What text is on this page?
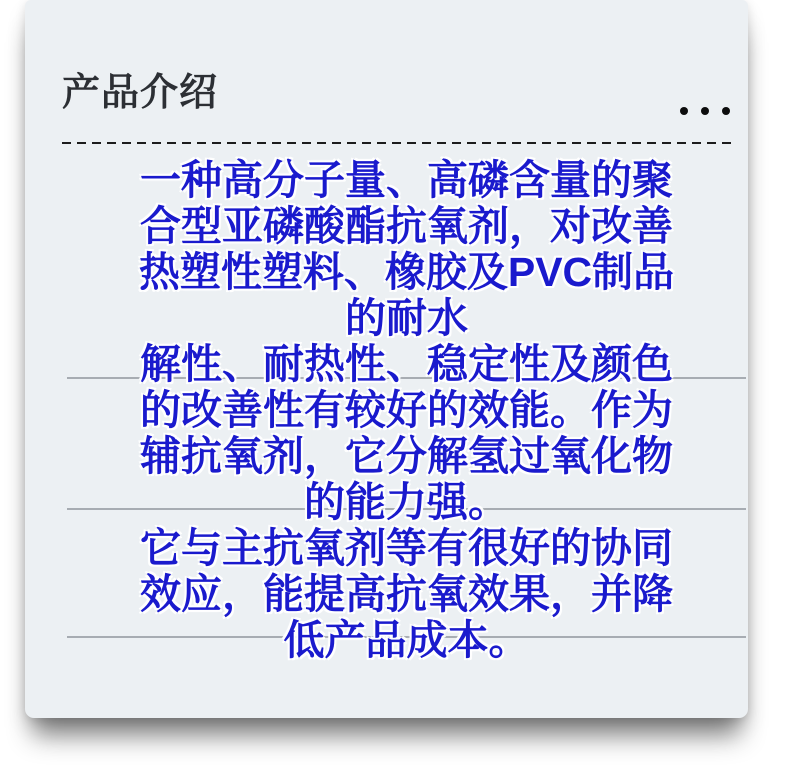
产品介绍
一种高分子量、高磷含量的聚
合型亚磷酸酯抗氧剂，对改善
热塑性塑料、橡胶及PVC制品
的耐水
解性、耐热性、稳定性及颜色
的改善性有较好的效能。作为
辅抗氧剂，它分解氢过氧化物
的能力强。
它与主抗氧剂等有很好的协同
效应，能提高抗氧效果，并降
低产品成本。
